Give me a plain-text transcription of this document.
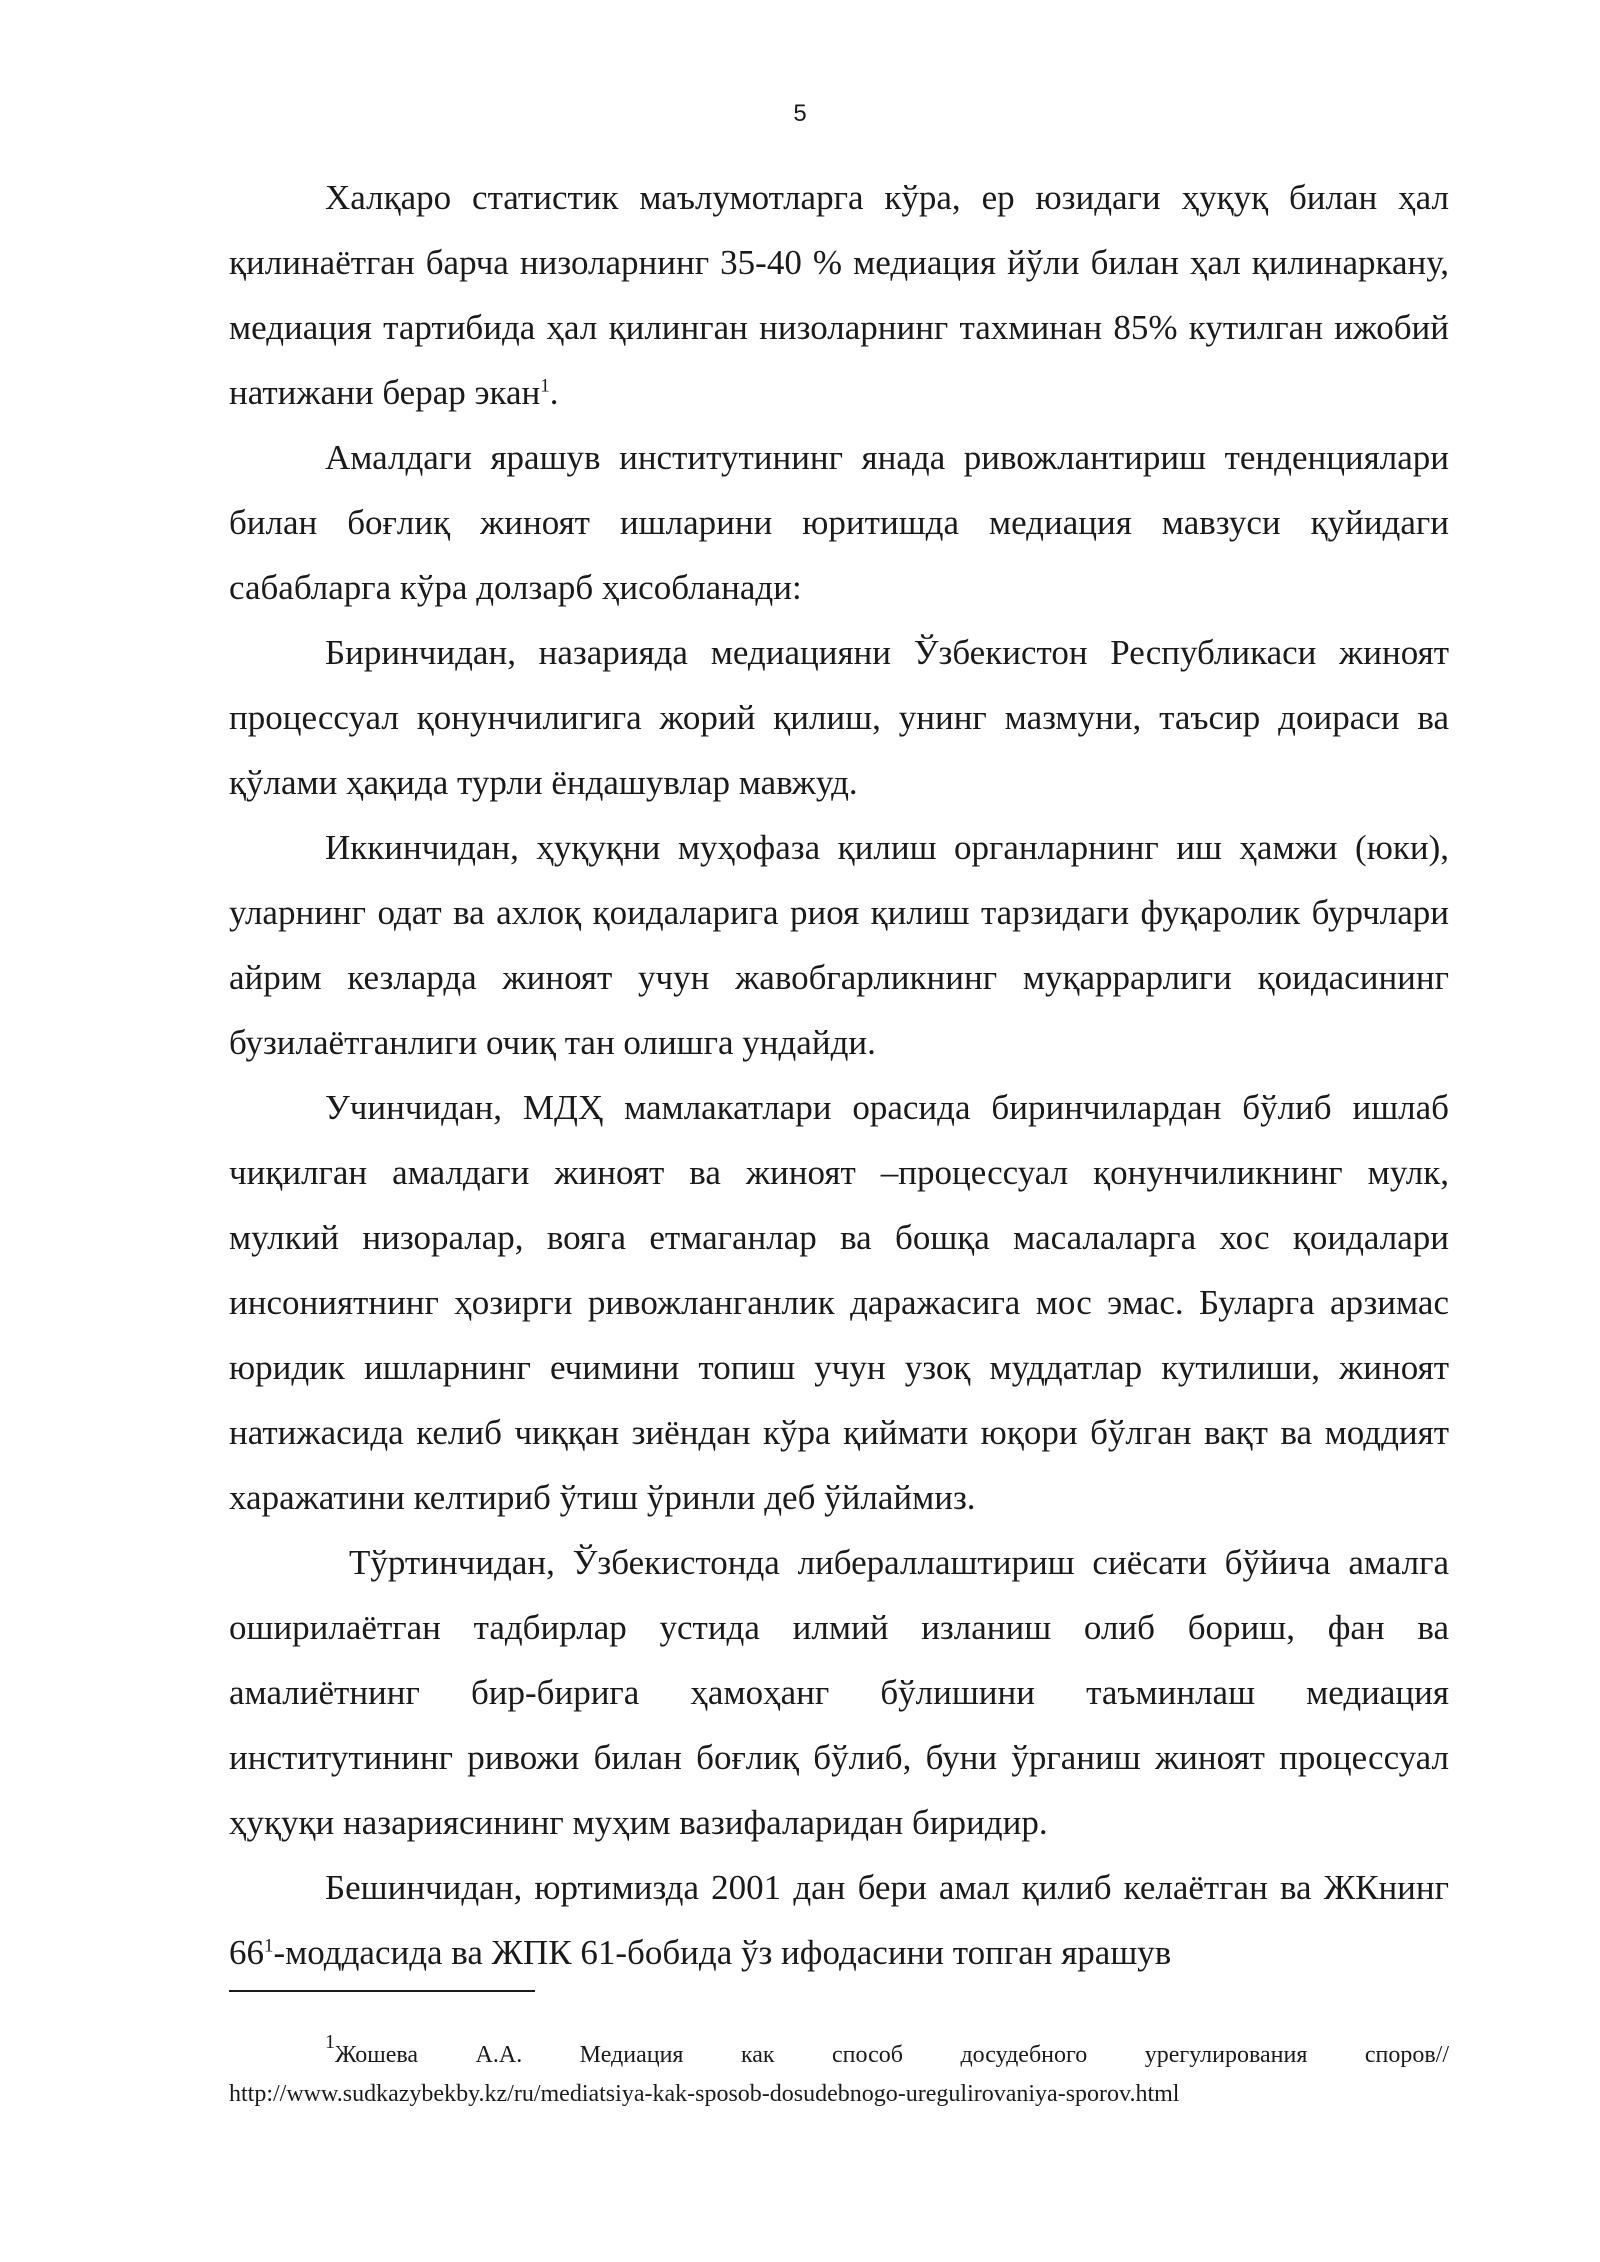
5

Халқаро статистик маълумотларга кўра, ер юзидаги ҳуқуқ билан ҳал қилинаётган барча низоларнинг 35-40 % медиация йўли билан ҳал қилинаркану, медиация тартибида ҳал қилинган низоларнинг тахминан 85% кутилган ижобий натижани берар экан$^1$.

Амалдаги ярашув институтининг янада ривожлантириш тенденциялари билан боғлиқ жиноят ишларини юритишда медиация мавзуси қуйидаги сабабларга кўра долзарб ҳисобланади:

Биринчидан, назарияда медиацияни Ўзбекистон Республикаси жиноят процессуал қонунчилигига жорий қилиш, унинг мазмуни, таъсир доираси ва қўлами ҳақида турли ёндашувлар мавжуд.

Иккинчидан, ҳуқуқни муҳофаза қилиш органларнинг иш ҳамжи (юки), уларнинг одат ва ахлоқ қоидаларига риоя қилиш тарзидаги фуқаролик бурчлари айрим кезларда жиноят учун жавобгарликнинг муқаррарлиги қоидасининг бузилаётганлиги очиқ тан олишга ундайди.

Учинчидан, МДҲ мамлакатлари орасида биринчилардан бўлиб ишлаб чиқилган амалдаги жиноят ва жиноят –процессуал қонунчиликнинг мулк, мулкий низоралар, вояга етмаганлар ва бошқа масалаларга хос қоидалари инсониятнинг ҳозирги ривожланганлик даражасига мос эмас. Буларга арзимас юридик ишларнинг ечимини топиш учун узоқ муддатлар кутилиши, жиноят натижасида келиб чиққан зиёндан кўра қиймати юқори бўлган вақт ва моддият харажатини келтириб ўтиш ўринли деб ўйлаймиз.

Тўртинчидан, Ўзбекистонда либераллаштириш сиёсати бўйича амалга оширилаётган тадбирлар устида илмий изланиш олиб бориш, фан ва амалиётнинг бир-бирига ҳамоҳанг бўлишини таъминлаш медиация институтининг ривожи билан боғлиқ бўлиб, буни ўрганиш жиноят процессуал ҳуқуқи назариясининг муҳим вазифаларидан биридир.

Бешинчидан, юртимизда 2001 дан бери амал қилиб келаётган ва ЖКнинг 66$^1$-моддасида ва ЖПК 61-бобида ўз ифодасини топган ярашув

$^1$Жошева А.А. Медиация как способ досудебного урегулирования споров//

http://www.sudkazybekby.kz/ru/mediatsiya-kak-sposob-dosudebnogo-uregulirovaniya-sporov.html
